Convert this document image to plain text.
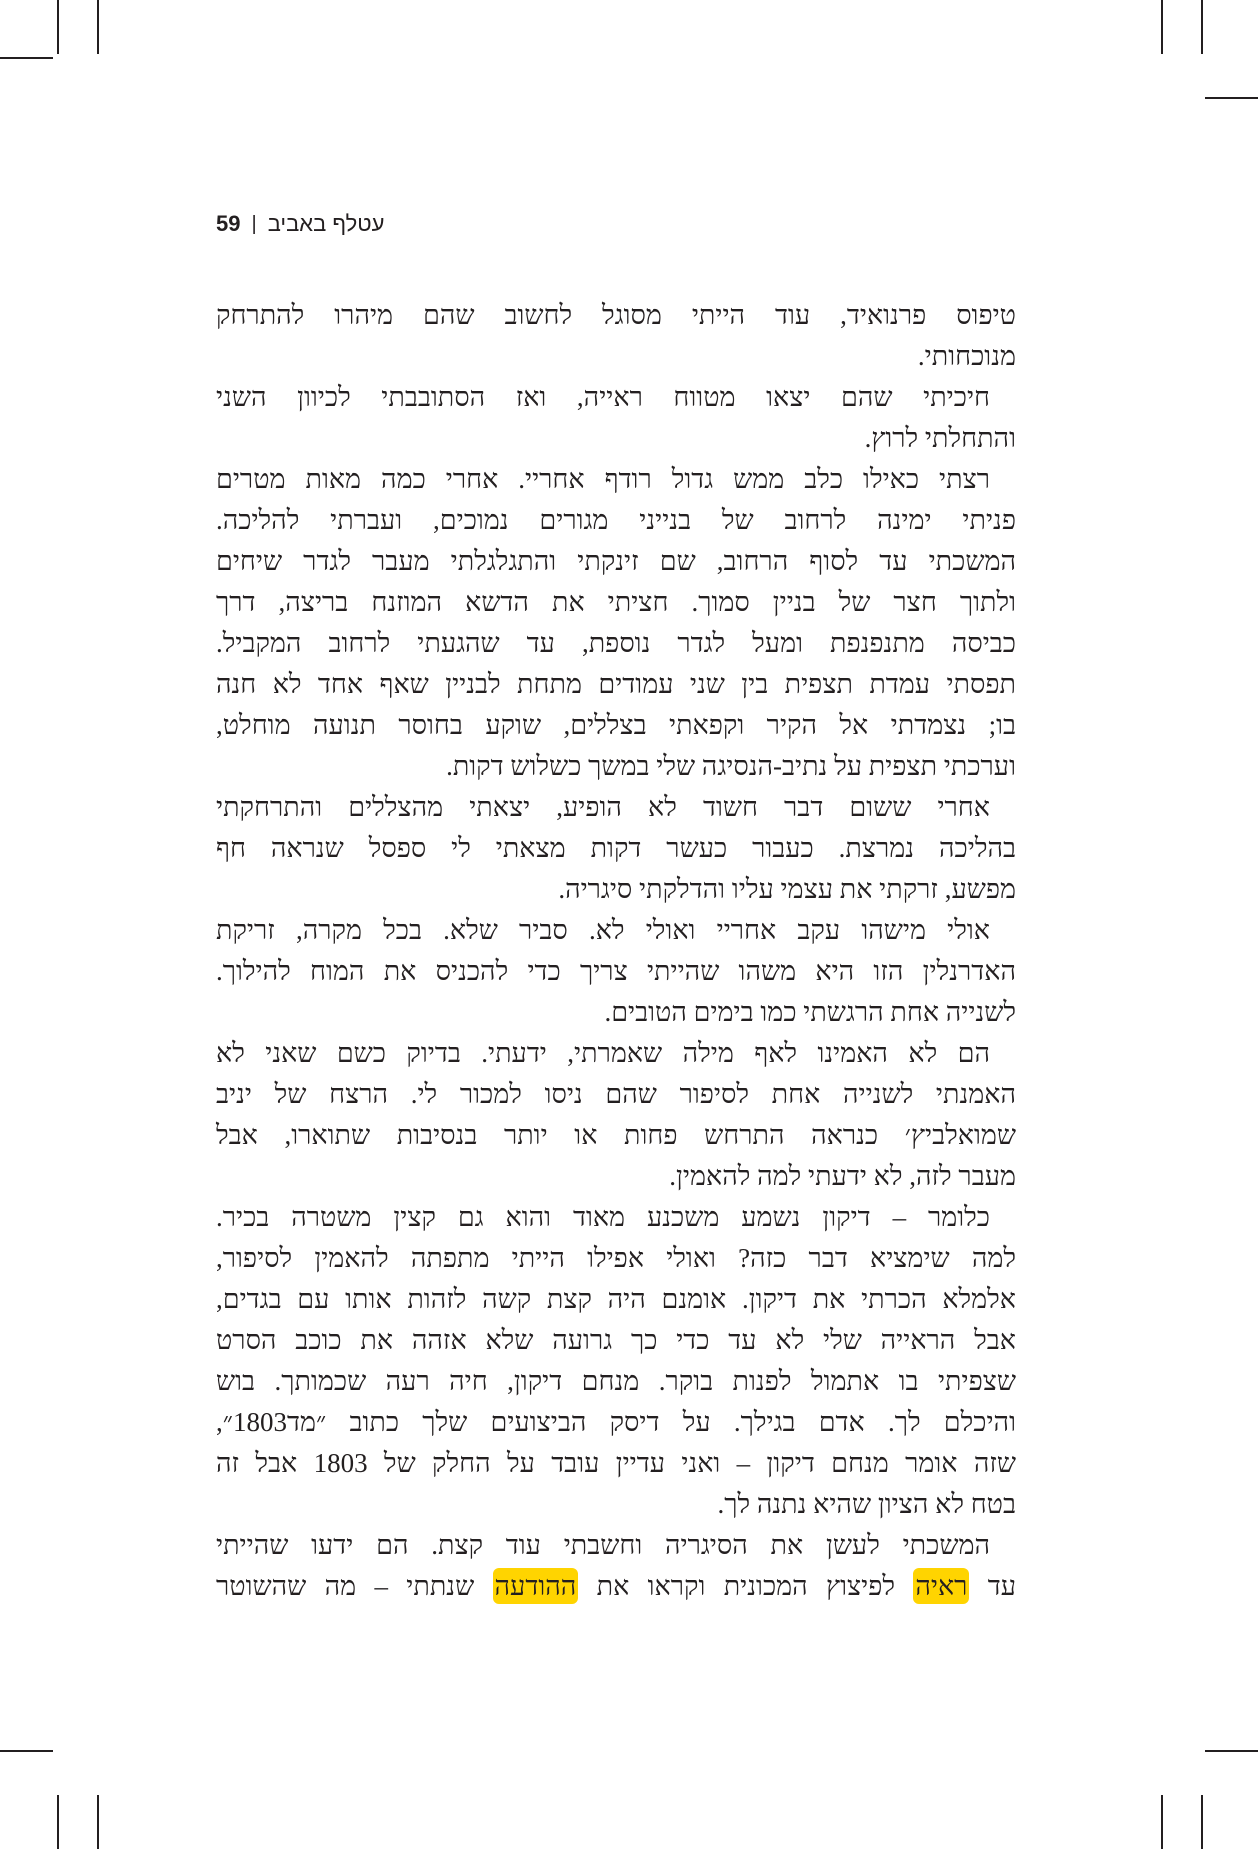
עטלף באביב
|
59
טיפוס פרנואיד, עוד הייתי מסוגל לחשוב שהם מיהרו להתרחק
מנוכחותי.
חיכיתי שהם יצאו מטווח ראייה, ואז הסתובבתי לכיוון השני
והתחלתי לרוץ.
רצתי כאילו כלב ממש גדול רודף אחריי. אחרי כמה מאות מטרים
פניתי ימינה לרחוב של בנייני מגורים נמוכים, ועברתי להליכה.
המשכתי עד לסוף הרחוב, שם זינקתי והתגלגלתי מעבר לגדר שיחים
ולתוך חצר של בניין סמוך. חציתי את הדשא המוזנח בריצה, דרך
כביסה מתנפנפת ומעל לגדר נוספת, עד שהגעתי לרחוב המקביל.
תפסתי עמדת תצפית בין שני עמודים מתחת לבניין שאף אחד לא חנה
בו; נצמדתי אל הקיר וקפאתי בצללים, שוקע בחוסר תנועה מוחלט,
וערכתי תצפית על נתיב-הנסיגה שלי במשך כשלוש דקות.
אחרי ששום דבר חשוד לא הופיע, יצאתי מהצללים והתרחקתי
בהליכה נמרצת. כעבור כעשר דקות מצאתי לי ספסל שנראה חף
מפשע, זרקתי את עצמי עליו והדלקתי סיגריה.
אולי מישהו עקב אחריי ואולי לא. סביר שלא. בכל מקרה, זריקת
האדרנלין הזו היא משהו שהייתי צריך כדי להכניס את המוח להילוך.
לשנייה אחת הרגשתי כמו בימים הטובים.
הם לא האמינו לאף מילה שאמרתי, ידעתי. בדיוק כשם שאני לא
האמנתי לשנייה אחת לסיפור שהם ניסו למכור לי. הרצח של יניב
שמואלביץ׳ כנראה התרחש פחות או יותר בנסיבות שתוארו, אבל
מעבר לזה, לא ידעתי למה להאמין.
כלומר – דיקון נשמע משכנע מאוד והוא גם קצין משטרה בכיר.
למה שימציא דבר כזה? ואולי אפילו הייתי מתפתה להאמין לסיפור,
אלמלא הכרתי את דיקון. אומנם היה קצת קשה לזהות אותו עם בגדים,
אבל הראייה שלי לא עד כדי כך גרועה שלא אזהה את כוכב הסרט
שצפיתי בו אתמול לפנות בוקר. מנחם דיקון, חיה רעה שכמותך. בוש
והיכלם לך. אדם בגילך. על דיסק הביצועים שלך כתוב ״מד1803״,
שזה אומר מנחם דיקון – ואני עדיין עובד על החלק של 1803 אבל זה
בטח לא הציון שהיא נתנה לך.
המשכתי לעשן את הסיגריה וחשבתי עוד קצת. הם ידעו שהייתי
עד ראיה לפיצוץ המכונית וקראו את ההודעה שנתתי – מה שהשוטר
